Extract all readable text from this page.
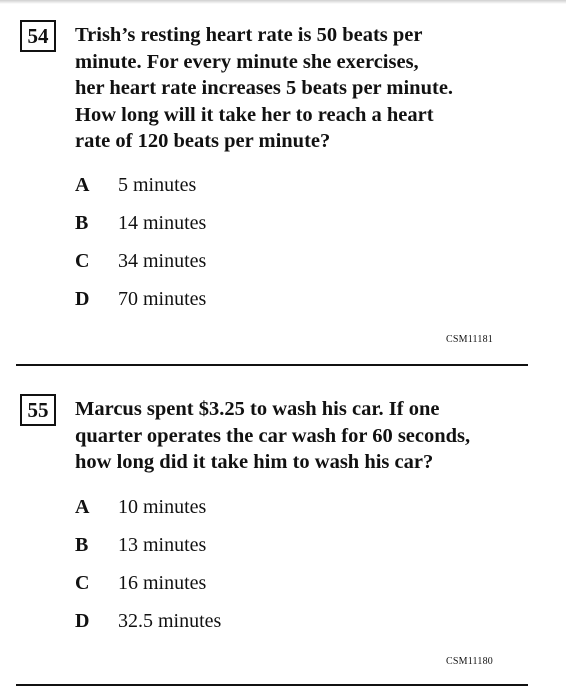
54	Trish’s resting heart rate is 50 beats per
minute. For every minute she exercises,
her heart rate increases 5 beats per minute.
How long will it take her to reach a heart
rate of 120 beats per minute?
A 5 minutes
B 14 minutes
C 34 minutes
D 70 minutes
CSM11181
55	Marcus spent $3.25 to wash his car. If one
quarter operates the car wash for 60 seconds,
how long did it take him to wash his car?
A 10 minutes
B 13 minutes
C 16 minutes
D 32.5 minutes
CSM11180
